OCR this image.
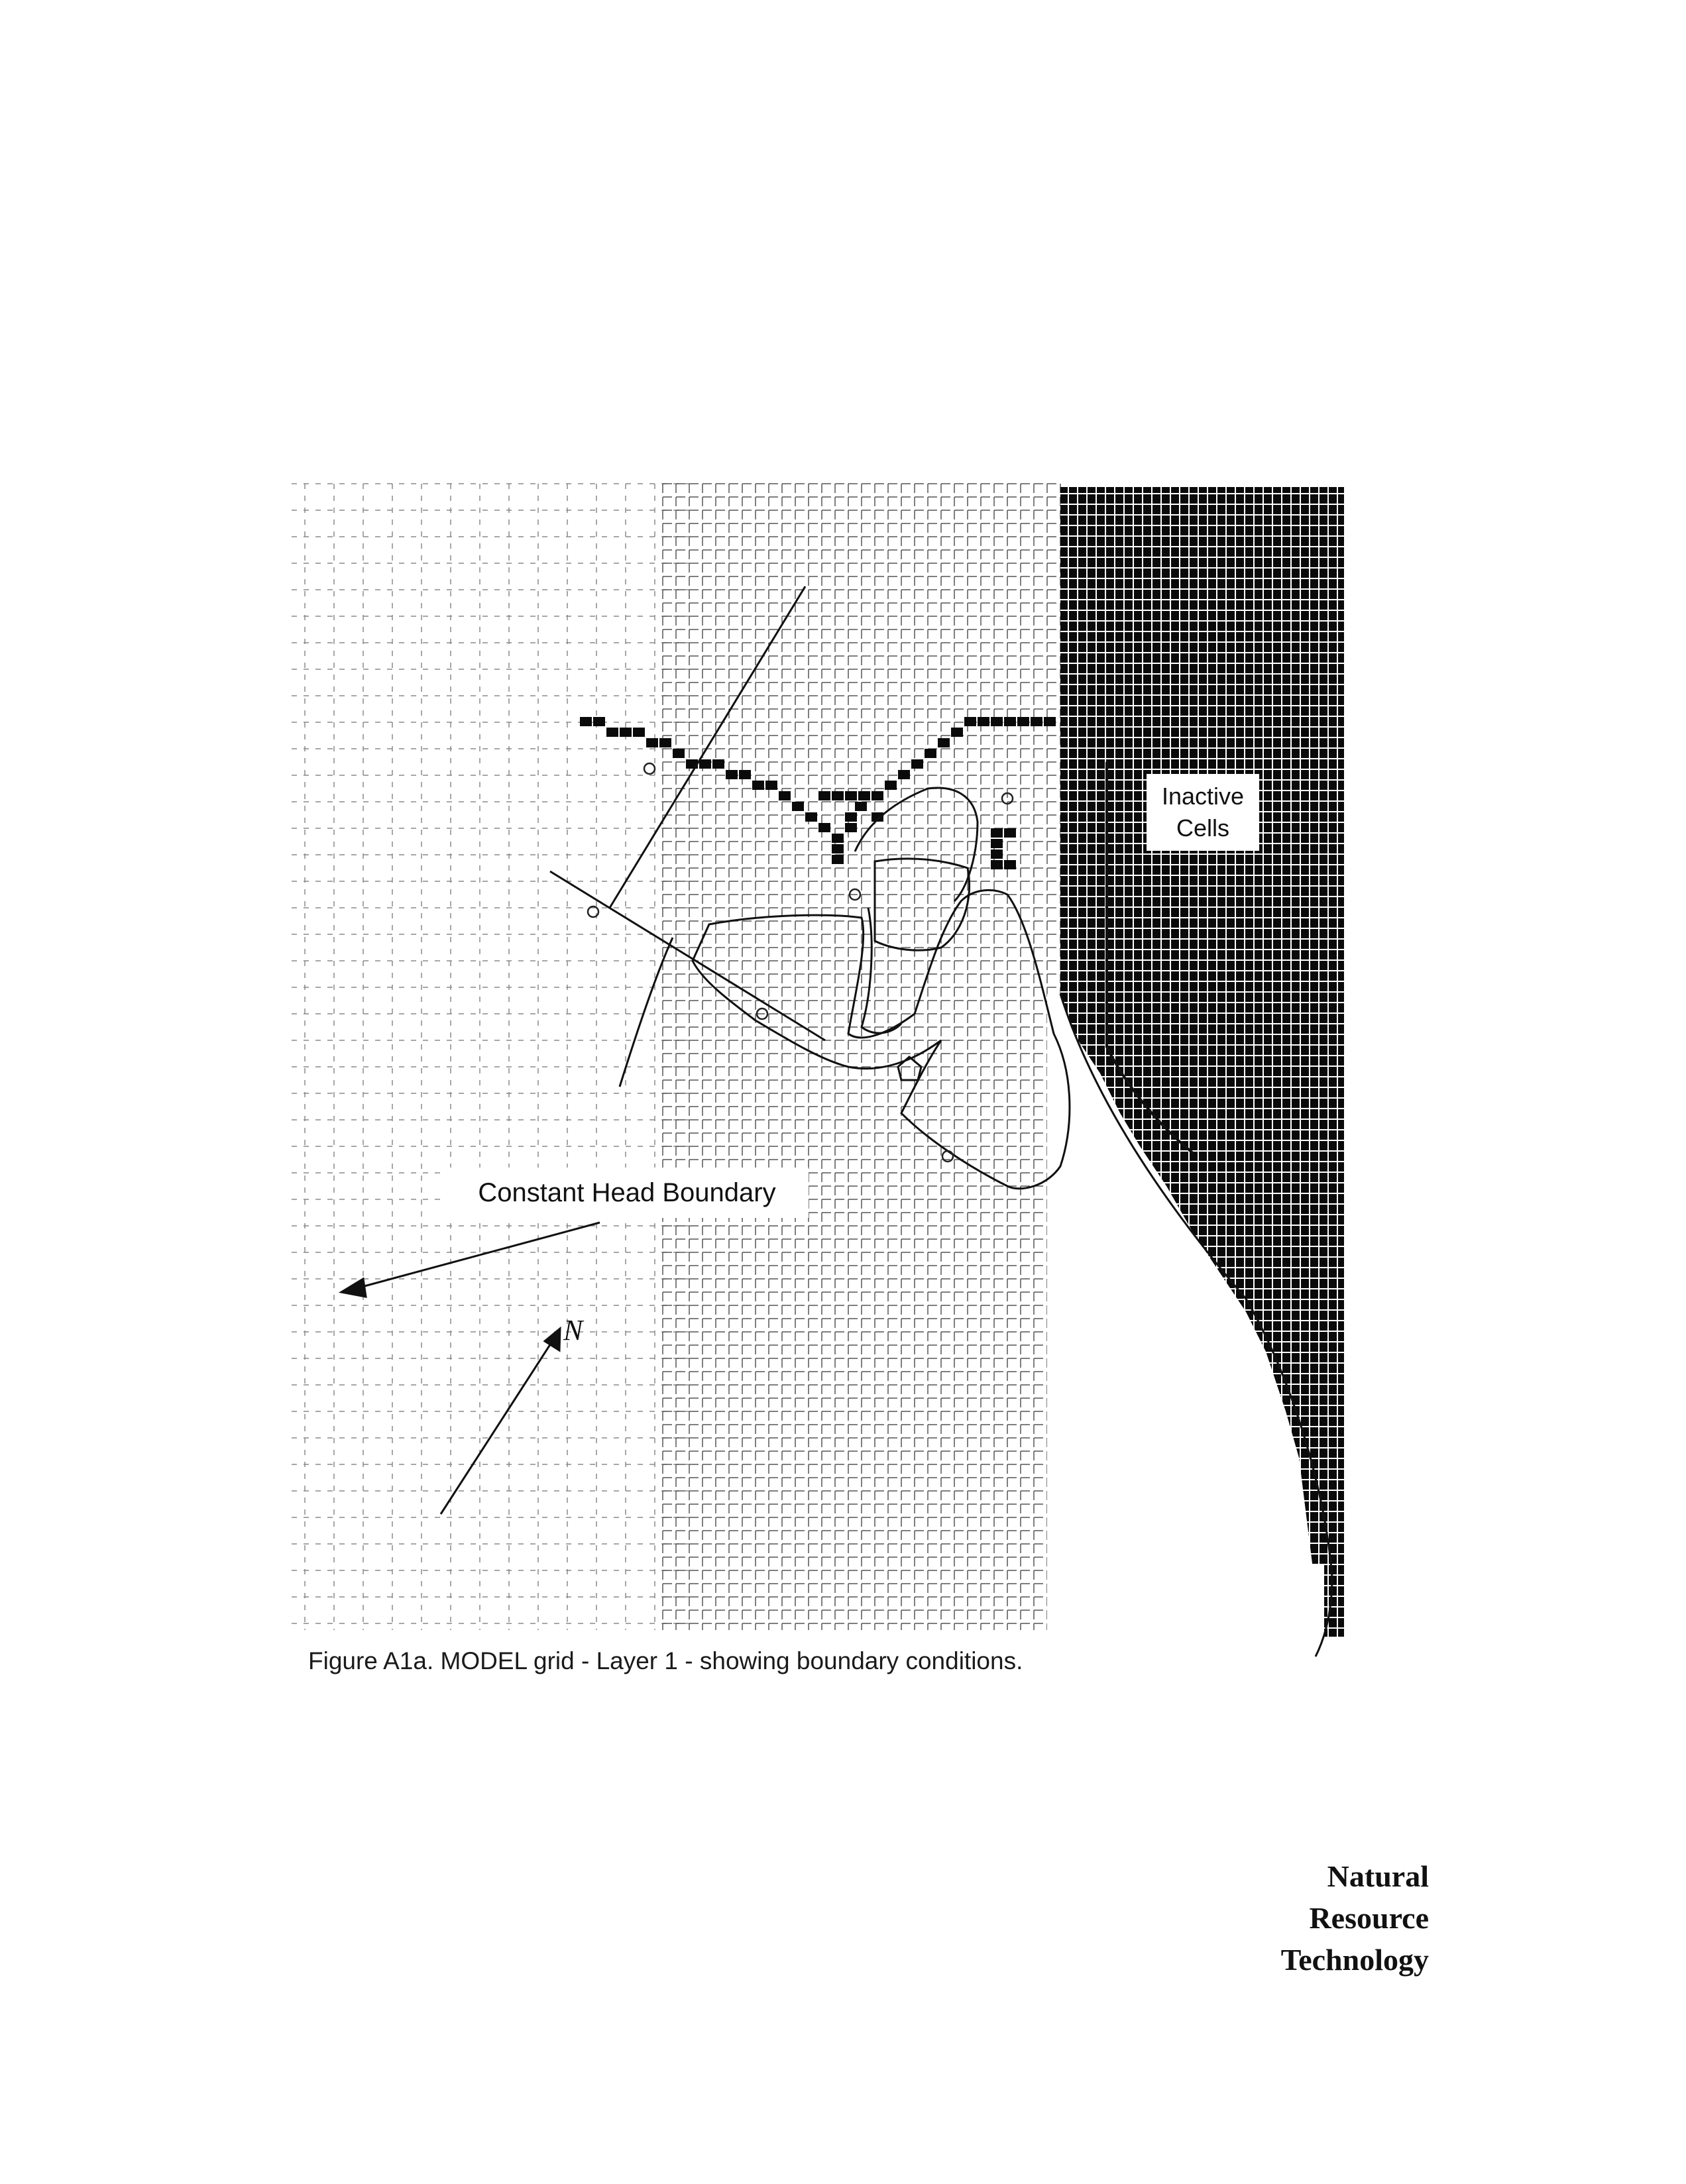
N
Constant Head Boundary
Inactive
Cells
Figure A1a. MODEL grid - Layer 1 - showing boundary conditions.
Natural
Resource
Technology
